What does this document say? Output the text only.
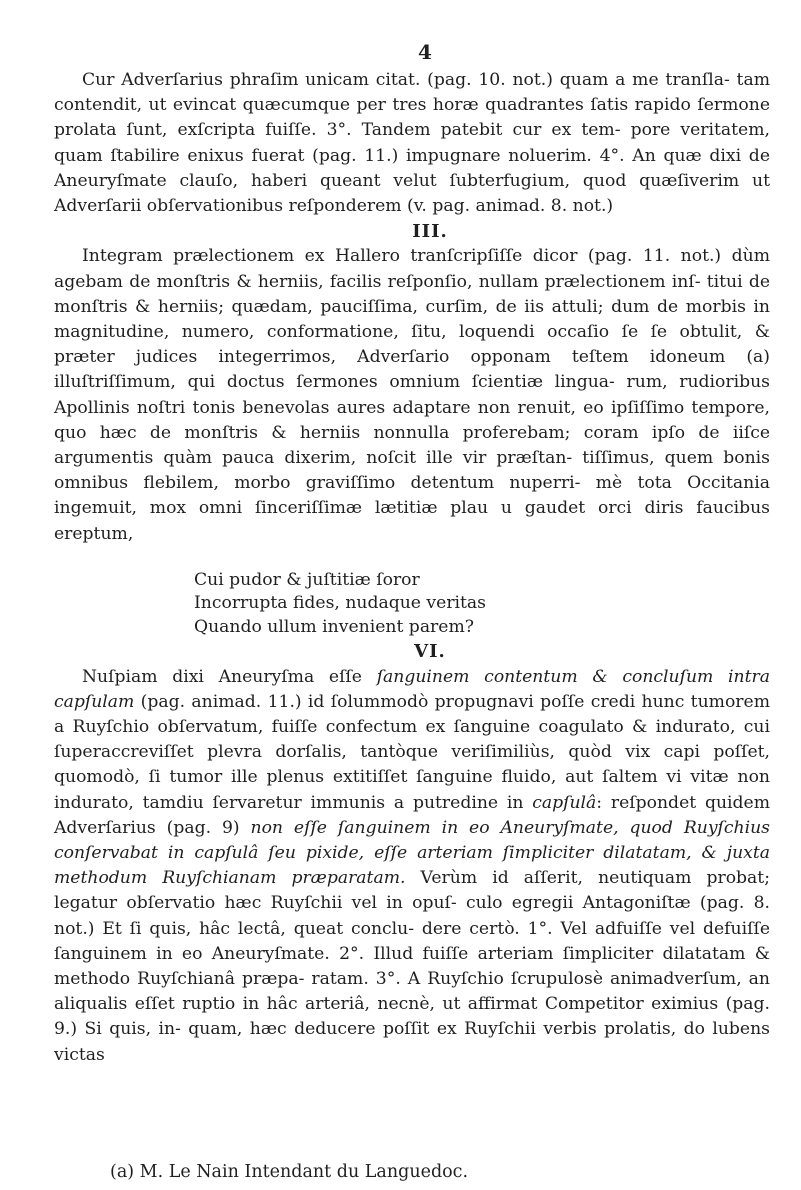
4

Cur Adverſarius phraſim unicam citat. (pag. 10. not.) quam a me tranſla- tam contendit, ut evincat quæcumque per tres horæ quadrantes ſatis rapido ſermone prolata ſunt, exſcripta fuiſſe. 3°. Tandem patebit cur ex tem- pore veritatem, quam ſtabilire enixus fuerat (pag. 11.) impugnare noluerim. 4°. An quæ dixi de Aneuryſmate clauſo, haberi queant velut ſubterfugium, quod quæſiverim ut Adverſarii obſervationibus reſponderem (v. pag. animad. 8. not.)

III.

Integram prælectionem ex Hallero tranſcripſiſſe dicor (pag. 11. not.) dùm agebam de monſtris & herniis, facilis reſponſio, nullam prælectionem inſ- titui de monſtris & herniis; quædam, pauciſſima, curſim, de iis attuli; dum de morbis in magnitudine, numero, conformatione, ſitu, loquendi occaſio ſe ſe obtulit, & præter judices integerrimos, Adverſario opponam teſtem idoneum (a) illuſtriſſimum, qui doctus ſermones omnium ſcientiæ lingua- rum, rudioribus Apollinis noſtri tonis benevolas aures adaptare non renuit, eo ipſiſſimo tempore, quo hæc de monſtris & herniis nonnulla proferebam; coram ipſo de iiſce argumentis quàm pauca dixerim, noſcit ille vir præſtan- tiſſimus, quem bonis omnibus flebilem, morbo graviſſimo detentum nuperri- mè tota Occitania ingemuit, mox omni ſinceriſſimæ lætitiæ plau u gaudet orci diris faucibus ereptum,

Cui pudor & juſtitiæ ſoror
Incorrupta fides, nudaque veritas
Quando ullum invenient parem?

VI.

Nuſpiam dixi Aneuryſma eſſe ſanguinem contentum & concluſum intra capſulam (pag. animad. 11.) id ſolummodò propugnavi poſſe credi hunc tumorem a Ruyſchio obſervatum, fuiſſe confectum ex ſanguine coagulato & indurato, cui ſuperaccreviſſet plevra dorſalis, tantòque veriſimiliùs, quòd vix capi poſſet, quomodò, ſi tumor ille plenus extitiſſet ſanguine fluido, aut ſaltem vi vitæ non indurato, tamdiu ſervaretur immunis a putredine in capſulâ: reſpondet quidem Adverſarius (pag. 9) non eſſe ſanguinem in eo Aneuryſmate, quod Ruyſchius conſervabat in capſulâ ſeu pixide, eſſe arteriam ſimpliciter dilatatam, & juxta methodum Ruyſchianam præparatam. Verùm id aſſerit, neutiquam probat; legatur obſervatio hæc Ruyſchii vel in opuſ- culo egregii Antagoniſtæ (pag. 8. not.) Et ſi quis, hâc lectâ, queat conclu- dere certò. 1°. Vel adfuiſſe vel defuiſſe ſanguinem in eo Aneuryſmate. 2°. Illud fuiſſe arteriam ſimpliciter dilatatam & methodo Ruyſchianâ præpa- ratam. 3°. A Ruyſchio ſcrupulosè animadverſum, an aliqualis eſſet ruptio in hâc arteriâ, necnè, ut affirmat Competitor eximius (pag. 9.) Si quis, in- quam, hæc deducere poſſit ex Ruyſchii verbis prolatis, do lubens victas

(a) M. Le Nain Intendant du Languedoc.
